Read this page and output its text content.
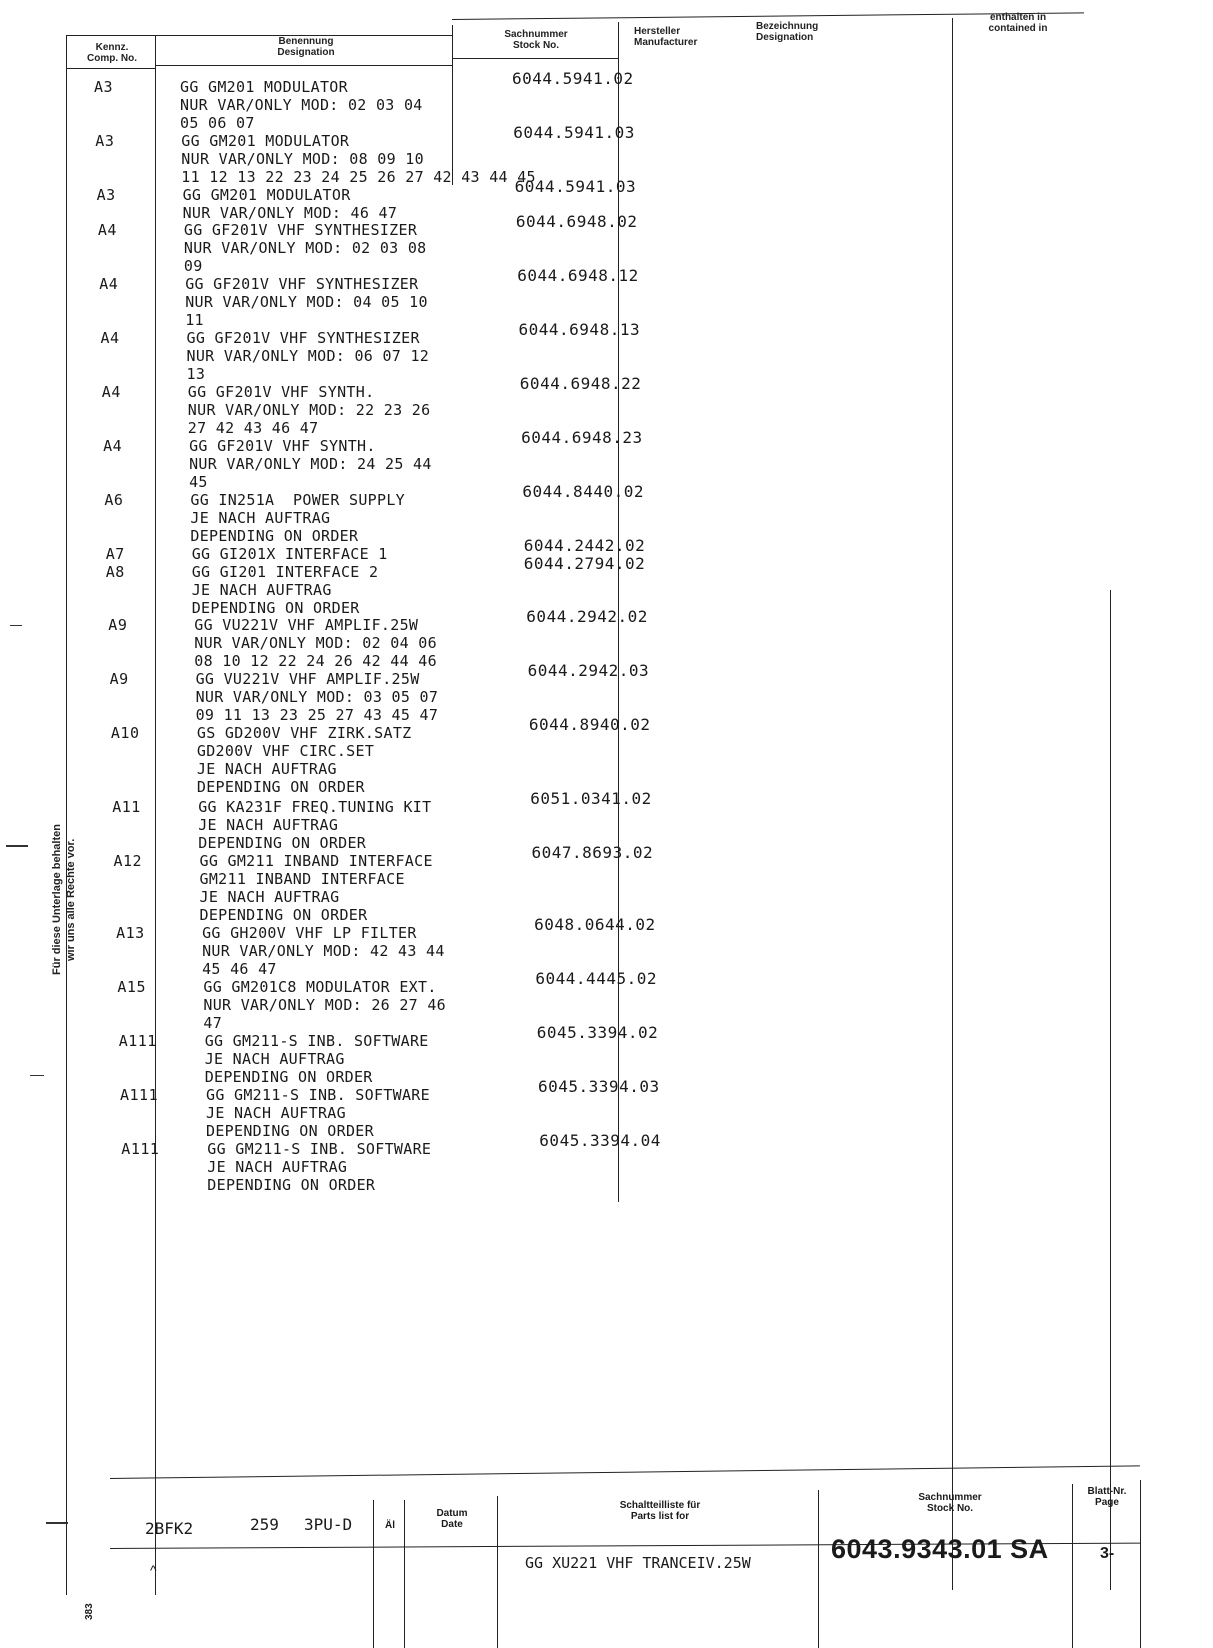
Kennz.
Comp. No.
Benennung
Designation
Sachnummer
Stock No.
Hersteller
Manufacturer
Bezeichnung
Designation
enthalten in
contained in
Für diese Unterlage behalten wir uns alle Rechte vor.
A3	GG GM201 MODULATOR
NUR VAR/ONLY MOD: 02 03 04
05 06 07
6044.5941.02
A3	GG GM201 MODULATOR
NUR VAR/ONLY MOD: 08 09 10
11 12 13 22 23 24 25 26 27 42 43 44 45
6044.5941.03
A3	GG GM201 MODULATOR
NUR VAR/ONLY MOD: 46 47
6044.5941.03
A4	GG GF201V VHF SYNTHESIZER
NUR VAR/ONLY MOD: 02 03 08
09
6044.6948.02
A4	GG GF201V VHF SYNTHESIZER
NUR VAR/ONLY MOD: 04 05 10
11
6044.6948.12
A4	GG GF201V VHF SYNTHESIZER
NUR VAR/ONLY MOD: 06 07 12
13
6044.6948.13
A4	GG GF201V VHF SYNTH.
NUR VAR/ONLY MOD: 22 23 26
27 42 43 46 47
6044.6948.22
A4	GG GF201V VHF SYNTH.
NUR VAR/ONLY MOD: 24 25 44
45
6044.6948.23
A6	GG IN251A  POWER SUPPLY
JE NACH AUFTRAG
DEPENDING ON ORDER
6044.8440.02
A7	GG GI201X INTERFACE 1	6044.2442.02
A8	GG GI201 INTERFACE 2
JE NACH AUFTRAG
DEPENDING ON ORDER
6044.2794.02
A9	GG VU221V VHF AMPLIF.25W
NUR VAR/ONLY MOD: 02 04 06
08 10 12 22 24 26 42 44 46
6044.2942.02
A9	GG VU221V VHF AMPLIF.25W
NUR VAR/ONLY MOD: 03 05 07
09 11 13 23 25 27 43 45 47
6044.2942.03
A10	GS GD200V VHF ZIRK.SATZ
GD200V VHF CIRC.SET
JE NACH AUFTRAG
DEPENDING ON ORDER
6044.8940.02
A11	GG KA231F FREQ.TUNING KIT
JE NACH AUFTRAG
DEPENDING ON ORDER
6051.0341.02
A12	GG GM211 INBAND INTERFACE
GM211 INBAND INTERFACE
JE NACH AUFTRAG
DEPENDING ON ORDER
6047.8693.02
A13	GG GH200V VHF LP FILTER
NUR VAR/ONLY MOD: 42 43 44
45 46 47
6048.0644.02
A15	GG GM201C8 MODULATOR EXT.
NUR VAR/ONLY MOD: 26 27 46
47
6044.4445.02
A111	GG GM211-S INB. SOFTWARE
JE NACH AUFTRAG
DEPENDING ON ORDER
6045.3394.02
A111	GG GM211-S INB. SOFTWARE
JE NACH AUFTRAG
DEPENDING ON ORDER
6045.3394.03
A111	GG GM211-S INB. SOFTWARE
JE NACH AUFTRAG
DEPENDING ON ORDER
6045.3394.04
2BFK2	259 3PU-D	Äl
Datum
Date
Schaltteilliste für
Parts list for
GG XU221 VHF TRANCEIV.25W
Sachnummer
Stock No.
6043.9343.01 SA
Blatt-Nr.
Page
3-
383
^
